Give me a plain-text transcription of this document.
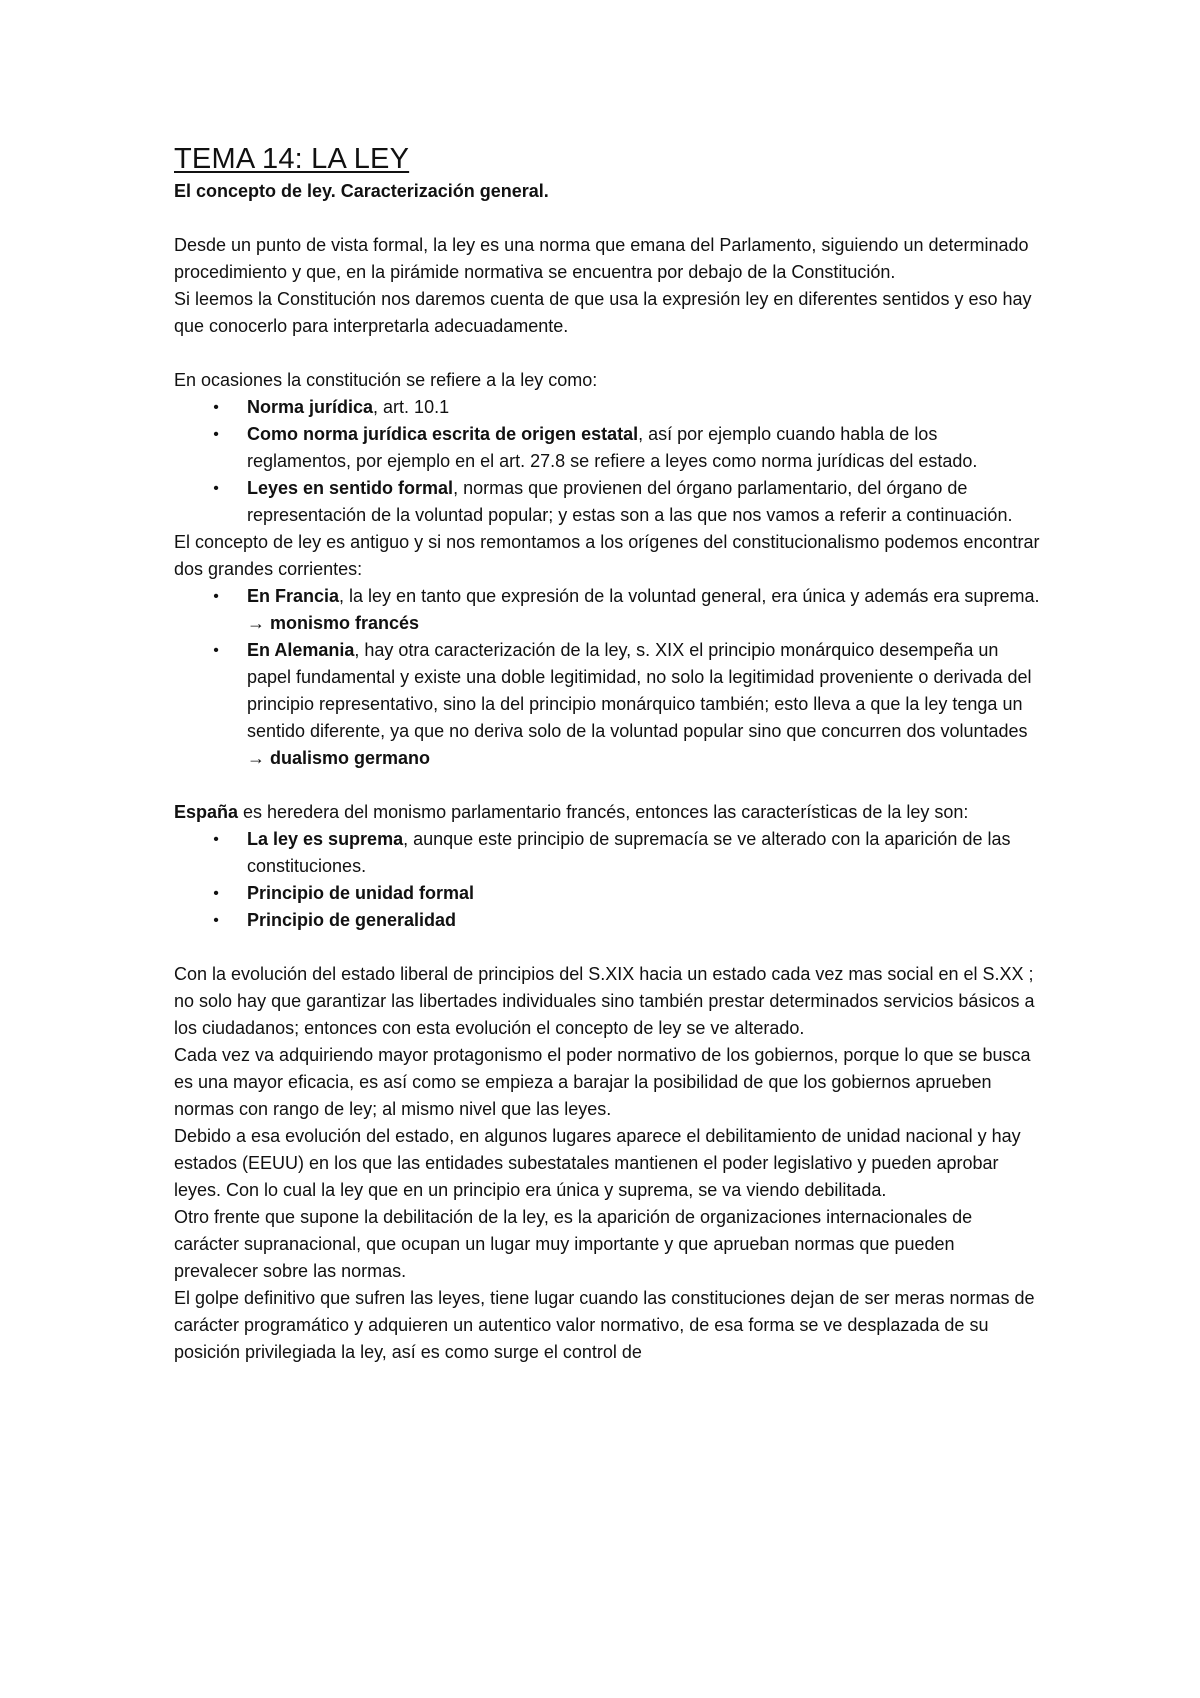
TEMA 14: LA LEY

El concepto de ley. Caracterización general.

Desde un punto de vista formal, la ley es una norma que emana del Parlamento, siguiendo un determinado procedimiento y que, en la pirámide normativa se encuentra por debajo de la Constitución.

Si leemos la Constitución nos daremos cuenta de que usa la expresión ley en diferentes sentidos y eso hay que conocerlo para interpretarla adecuadamente.

En ocasiones la constitución se refiere a la ley como:

•	Norma jurídica, art. 10.1
•	Como norma jurídica escrita de origen estatal, así por ejemplo cuando habla de los reglamentos, por ejemplo en el art. 27.8 se refiere a leyes como norma jurídicas del estado.
•	Leyes en sentido formal, normas que provienen del órgano parlamentario, del órgano de representación de la voluntad popular; y estas son a las que nos vamos a referir a continuación.

El concepto de ley es antiguo y si nos remontamos a los orígenes del constitucionalismo podemos encontrar dos grandes corrientes:

•	En Francia, la ley en tanto que expresión de la voluntad general, era única y además era suprema. → monismo francés
•	En Alemania, hay otra caracterización de la ley, s. XIX el principio monárquico desempeña un papel fundamental y existe una doble legitimidad, no solo la legitimidad proveniente o derivada del principio representativo, sino la del principio monárquico también; esto lleva a que la ley tenga un sentido diferente, ya que no deriva solo de la voluntad popular sino que concurren dos voluntades → dualismo germano

España es heredera del monismo parlamentario francés, entonces las características de la ley son:

•	La ley es suprema, aunque este principio de supremacía se ve alterado con la aparición de las constituciones.
•	Principio de unidad formal
•	Principio de generalidad

Con la evolución del estado liberal de principios del S.XIX hacia un estado cada vez mas social en el S.XX ; no solo hay que garantizar las libertades individuales sino también prestar determinados servicios básicos a los ciudadanos; entonces con esta evolución el concepto de ley se ve alterado.

Cada vez va adquiriendo mayor protagonismo el poder normativo de los gobiernos, porque lo que se busca es una mayor eficacia, es así como se empieza a barajar la posibilidad de que los gobiernos aprueben normas con rango de ley; al mismo nivel que las leyes.

Debido a esa evolución del estado, en algunos lugares aparece el debilitamiento de unidad nacional y hay estados (EEUU) en los que las entidades subestatales mantienen el poder legislativo y pueden aprobar leyes. Con lo cual la ley que en un principio era única y suprema, se va viendo debilitada.

Otro frente que supone la debilitación de la ley, es la aparición de organizaciones internacionales de carácter supranacional, que ocupan un lugar muy importante y que aprueban normas que pueden prevalecer sobre las normas.

El golpe definitivo que sufren las leyes, tiene lugar cuando las constituciones dejan de ser meras normas de carácter programático y adquieren un autentico valor normativo, de esa forma se ve desplazada de su posición privilegiada la ley, así es como surge el control de
